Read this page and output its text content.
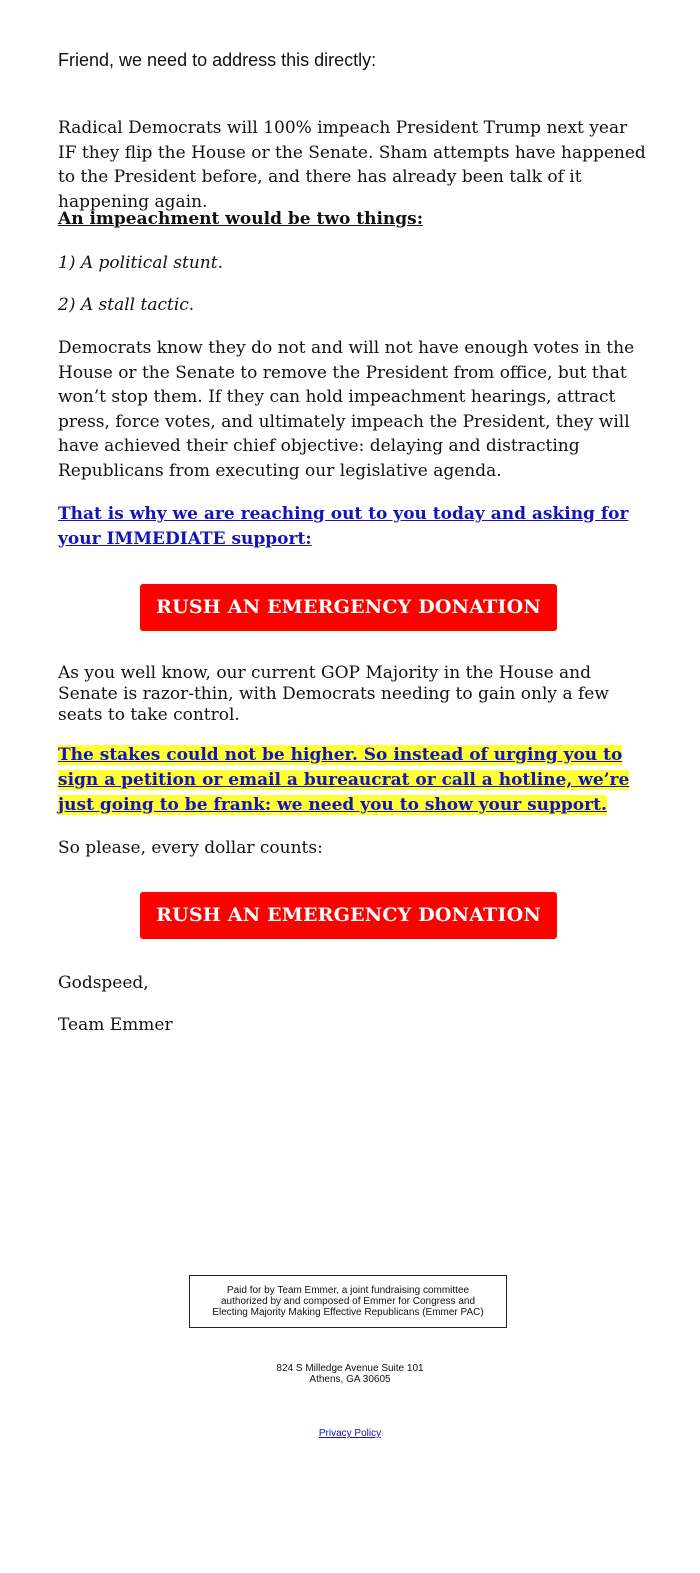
Friend, we need to address this directly:

Radical Democrats will 100% impeach President Trump next year IF they flip the House or the Senate. Sham attempts have happened to the President before, and there has already been talk of it happening again.

An impeachment would be two things:

1) A political stunt.

2) A stall tactic.

Democrats know they do not and will not have enough votes in the House or the Senate to remove the President from office, but that won’t stop them. If they can hold impeachment hearings, attract press, force votes, and ultimately impeach the President, they will have achieved their chief objective: delaying and distracting Republicans from executing our legislative agenda.

That is why we are reaching out to you today and asking for your IMMEDIATE support:

As you well know, our current GOP Majority in the House and Senate is razor-thin, with Democrats needing to gain only a few seats to take control.

The stakes could not be higher. So instead of urging you to sign a petition or email a bureaucrat or call a hotline, we’re just going to be frank: we need you to show your support.

So please, every dollar counts:

Godspeed,

Team Emmer

RUSH AN EMERGENCY DONATION
RUSH AN EMERGENCY DONATION
Paid for by Team Emmer, a joint fundraising committee
authorized by and composed of Emmer for Congress and
Electing Majority Making Effective Republicans (Emmer PAC)
824 S Milledge Avenue Suite 101
Athens, GA 30605
Privacy Policy
